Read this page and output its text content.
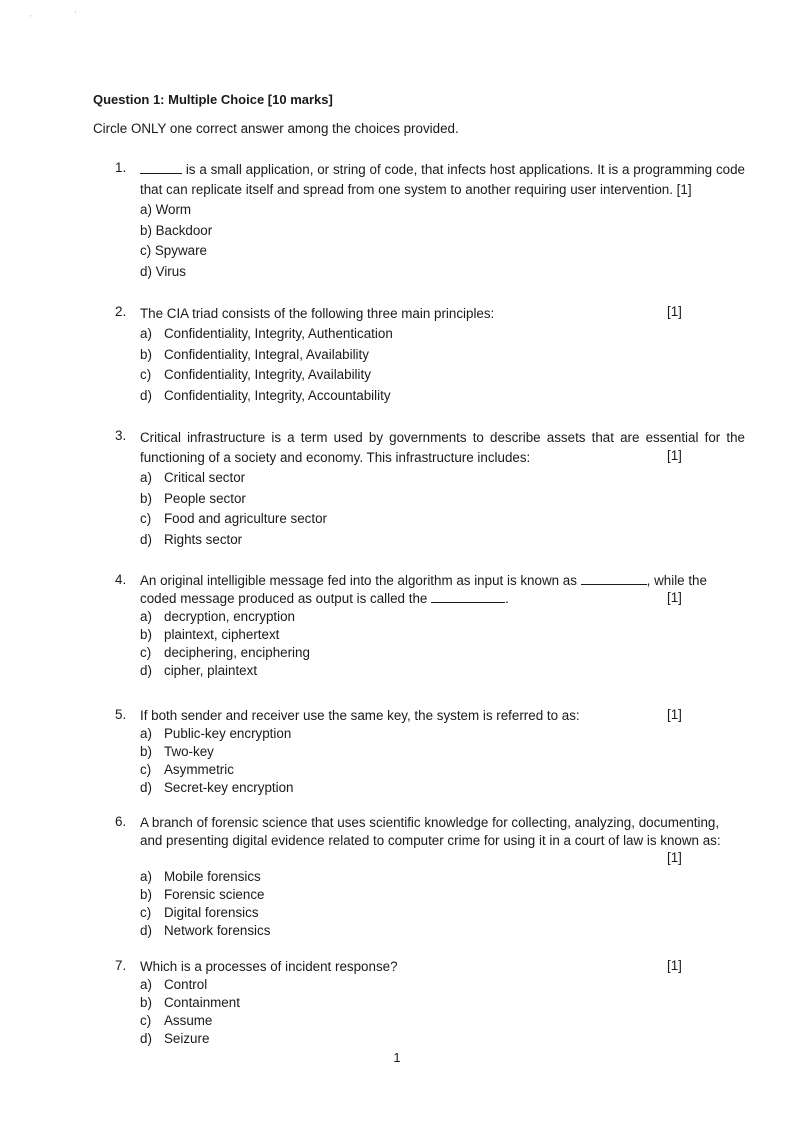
,	'
Question 1: Multiple Choice [10 marks]
Circle ONLY one correct answer among the choices provided.
1.	is a small application, or string of code, that infects host applications. It is a programming code
that can replicate itself and spread from one system to another requiring user intervention. [1]
a) Worm
b) Backdoor
c) Spyware
d) Virus
2.	[1]
The CIA triad consists of the following three main principles:
a) Confidentiality, Integrity, Authentication
b) Confidentiality, Integral, Availability
c) Confidentiality, Integrity, Availability
d) Confidentiality, Integrity, Accountability
3.
[1]
Critical infrastructure is a term used by governments to describe assets that are essential for the
functioning of a society and economy. This infrastructure includes:
a) Critical sector
b) People sector
c) Food and agriculture sector
d) Rights sector
4.
[1]
An original intelligible message fed into the algorithm as input is known as	, while the
coded message produced as output is called the	.
a) decryption, encryption
b) plaintext, ciphertext
c) deciphering, enciphering
d) cipher, plaintext
5.	[1]
If both sender and receiver use the same key, the system is referred to as:
a) Public-key encryption
b) Two-key
c) Asymmetric
d) Secret-key encryption
6.
[1]
A branch of forensic science that uses scientific knowledge for collecting, analyzing, documenting,
and presenting digital evidence related to computer crime for using it in a court of law is known as:

a) Mobile forensics
b) Forensic science
c) Digital forensics
d) Network forensics
7.	[1]
Which is a processes of incident response?
a) Control
b) Containment
c) Assume
d) Seizure
1
